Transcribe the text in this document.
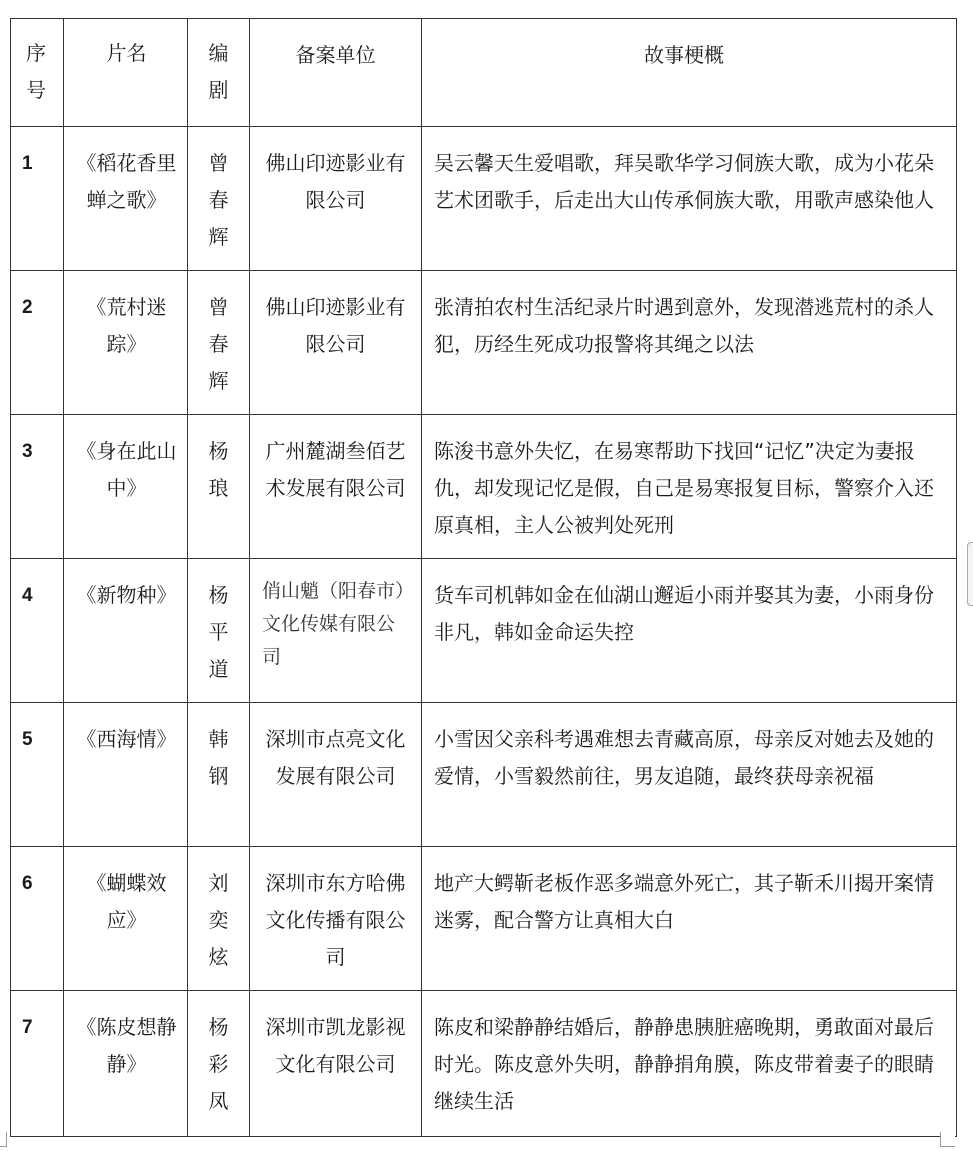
序号	片名	编剧	备案单位	故事梗概

1	《稻花香里蝉之歌》	曾春辉	佛山印迹影业有限公司	吴云馨天生爱唱歌，拜吴歌华学习侗族大歌，成为小花朵艺术团歌手，后走出大山传承侗族大歌，用歌声感染他人

2	《荒村迷踪》	曾春辉	佛山印迹影业有限公司	张清拍农村生活纪录片时遇到意外，发现潜逃荒村的杀人犯，历经生死成功报警将其绳之以法

3	《身在此山中》	杨琅	广州麓湖叁佰艺术发展有限公司	陈浚书意外失忆，在易寒帮助下找回“记忆”决定为妻报仇，却发现记忆是假，自己是易寒报复目标，警察介入还原真相，主人公被判处死刑

4	《新物种》	杨平道	俏山魈（阳春市）文化传媒有限公司	货车司机韩如金在仙湖山邂逅小雨并娶其为妻，小雨身份非凡，韩如金命运失控

5	《西海情》	韩钢	深圳市点亮文化发展有限公司	小雪因父亲科考遇难想去青藏高原，母亲反对她去及她的爱情，小雪毅然前往，男友追随，最终获母亲祝福

6	《蝴蝶效应》	刘奕炫	深圳市东方哈佛文化传播有限公司	地产大鳄靳老板作恶多端意外死亡，其子靳禾川揭开案情迷雾，配合警方让真相大白

7	《陈皮想静静》	杨彩凤	深圳市凯龙影视文化有限公司	陈皮和梁静静结婚后，静静患胰脏癌晚期，勇敢面对最后时光。陈皮意外失明，静静捐角膜，陈皮带着妻子的眼睛继续生活
